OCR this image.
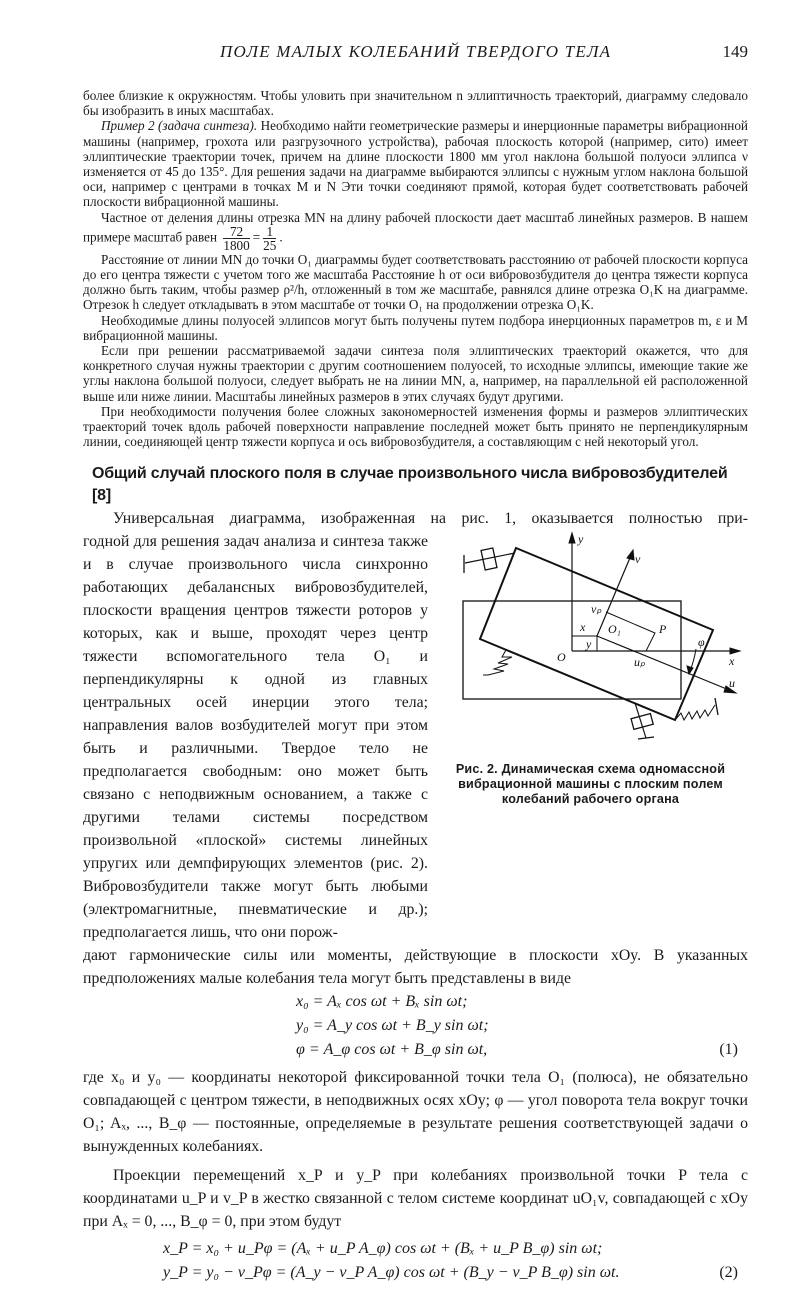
ПОЛЕ МАЛЫХ КОЛЕБАНИЙ ТВЕРДОГО ТЕЛА	149

более близкие к окружностям. Чтобы уловить при значительном n эллиптичность траекторий, диаграмму следовало бы изобразить в иных масштабах.

Пример 2 (задача синтеза). Необходимо найти геометрические размеры и инерционные параметры вибрационной машины (например, грохота или разгрузочного устройства), рабочая плоскость которой (например, сито) имеет эллиптические траектории точек, причем на длине плоскости 1800 мм угол наклона большой полуоси эллипса ν изменяется от 45 до 135°. Для решения задачи на диаграмме выбираются эллипсы с нужным углом наклона большой оси, например с центрами в точках M и N Эти точки соединяют прямой, которая будет соответствовать рабочей плоскости вибрационной машины.

Частное от деления длины отрезка MN на длину рабочей плоскости дает масштаб линейных размеров. В нашем примере масштаб равен $\frac{72}{1800} = \frac{1}{25}$ .

Расстояние от линии MN до точки O₁ диаграммы будет соответствовать расстоянию от рабочей плоскости корпуса до его центра тяжести с учетом того же масштаба Расстояние h от оси вибровозбудителя до центра тяжести корпуса должно быть таким, чтобы размер ρ²/h, отложенный в том же масштабе, равнялся длине отрезка O₁K на диаграмме. Отрезок h следует откладывать в этом масштабе от точки O₁ на продолжении отрезка O₁K.

Необходимые длины полуосей эллипсов могут быть получены путем подбора инерционных параметров m, ε и M вибрационной машины.

Если при решении рассматриваемой задачи синтеза поля эллиптических траекторий окажется, что для конкретного случая нужны траектории с другим соотношением полуосей, то исходные эллипсы, имеющие такие же углы наклона большой полуоси, следует выбрать не на линии MN, а, например, на параллельной ей расположенной выше или ниже линии. Масштабы линейных размеров в этих случаях будут другими.

При необходимости получения более сложных закономерностей изменения формы и размеров эллиптических траекторий точек вдоль рабочей поверхности направление последней может быть принято не перпендикулярным линии, соединяющей центр тяжести корпуса и ось вибровозбудителя, а составляющим с ней некоторый угол.

Общий случай плоского поля в случае произвольного числа вибровозбудителей [8]
Универсальная диаграмма, изображенная на рис. 1, оказывается полностью при-
годной для решения задач анализа и синтеза также и в случае произвольного числа синхронно работающих дебалансных вибровозбудителей, плоскости вращения центров тяжести роторов у которых, как и выше, проходят через центр тяжести вспомогательного тела O₁ и перпендикулярны к одной из главных центральных осей инерции этого тела; направления валов возбудителей могут при этом быть и различными. Твердое тело не предполагается свободным: оно может быть связано с неподвижным основанием, а также с другими телами системы посредством произвольной «плоской» системы линейных упругих или демпфирующих элементов (рис. 2). Вибровозбудители также могут быть любыми (электромагнитные, пневматические и др.); предполагается лишь, что они порож-
y
x
v
u
O
O₁	P
vₚ
uₚ
x
y	φ
Рис. 2. Динамическая схема одномассной вибрационной машины с плоским полем колебаний рабочего органа
дают гармонические силы или моменты, действующие в плоскости xOy. В указанных предположениях малые колебания тела могут быть представлены в виде
x₀ = Aₓ cos ωt + Bₓ sin ωt;
y₀ = A_y cos ωt + B_y sin ωt;
φ = A_φ cos ωt + B_φ sin ωt,	(1)
где x₀ и y₀ — координаты некоторой фиксированной точки тела O₁ (полюса), не обязательно совпадающей с центром тяжести, в неподвижных осях xOy; φ — угол поворота тела вокруг точки O₁; Aₓ, ..., B_φ — постоянные, определяемые в результате решения соответствующей задачи о вынужденных колебаниях.
Проекции перемещений x_P и y_P при колебаниях произвольной точки P тела с координатами u_P и v_P в жестко связанной с телом системе координат uO₁v, совпадающей с xOy при Aₓ = 0, ..., B_φ = 0, при этом будут
x_P = x₀ + u_Pφ = (Aₓ + u_P A_φ) cos ωt + (Bₓ + u_P B_φ) sin ωt;
y_P = y₀ − v_Pφ = (A_y − v_P A_φ) cos ωt + (B_y − v_P B_φ) sin ωt.	(2)
